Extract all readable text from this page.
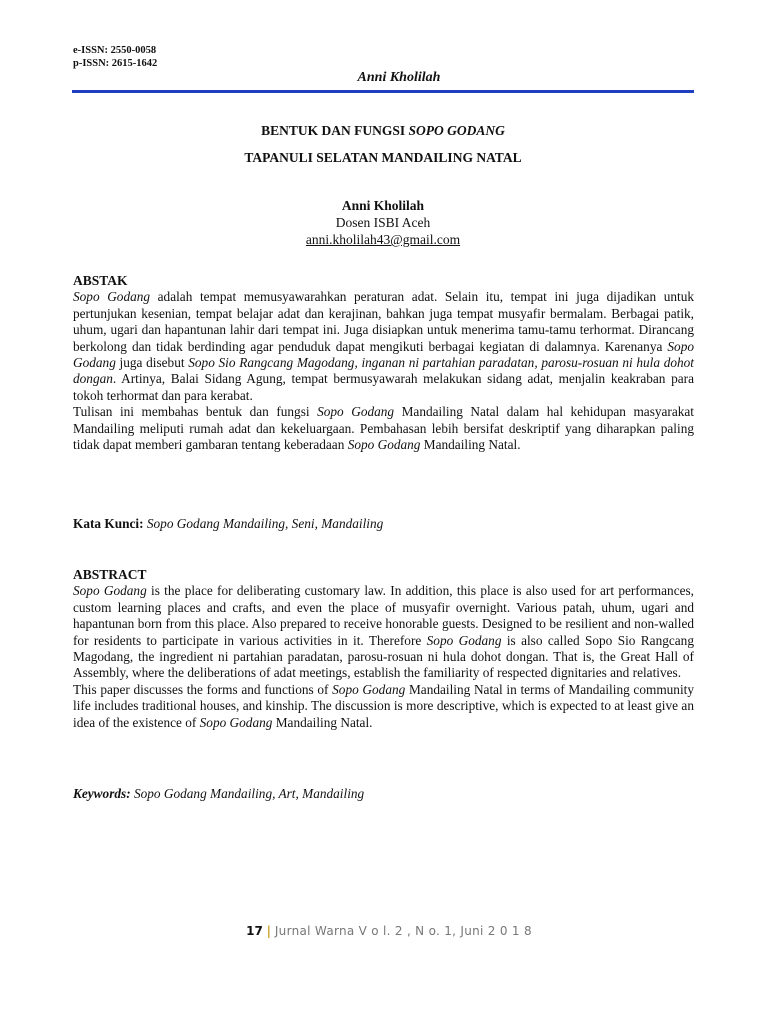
e-ISSN: 2550-0058
p-ISSN: 2615-1642
Anni Kholilah
BENTUK DAN FUNGSI SOPO GODANG
TAPANULI SELATAN MANDAILING NATAL
Anni Kholilah
Dosen ISBI Aceh
anni.kholilah43@gmail.com
ABSTAK

Sopo Godang adalah tempat memusyawarahkan peraturan adat. Selain itu, tempat ini juga dijadikan untuk pertunjukan kesenian, tempat belajar adat dan kerajinan, bahkan juga tempat musyafir bermalam. Berbagai patik, uhum, ugari dan hapantunan lahir dari tempat ini. Juga disiapkan untuk menerima tamu-tamu terhormat. Dirancang berkolong dan tidak berdinding agar penduduk dapat mengikuti berbagai kegiatan di dalamnya. Karenanya Sopo Godang juga disebut Sopo Sio Rangcang Magodang, inganan ni partahian paradatan, parosu-rosuan ni hula dohot dongan. Artinya, Balai Sidang Agung, tempat bermusyawarah melakukan sidang adat, menjalin keakraban para tokoh terhormat dan para kerabat.

Tulisan ini membahas bentuk dan fungsi Sopo Godang Mandailing Natal dalam hal kehidupan masyarakat Mandailing meliputi rumah adat dan kekeluargaan. Pembahasan lebih bersifat deskriptif yang diharapkan paling tidak dapat memberi gambaran tentang keberadaan Sopo Godang Mandailing Natal.

Kata Kunci: Sopo Godang Mandailing, Seni, Mandailing
ABSTRACT

Sopo Godang is the place for deliberating customary law. In addition, this place is also used for art performances, custom learning places and crafts, and even the place of musyafir overnight. Various patah, uhum, ugari and hapantunan born from this place. Also prepared to receive honorable guests. Designed to be resilient and non-walled for residents to participate in various activities in it. Therefore Sopo Godang is also called Sopo Sio Rangcang Magodang, the ingredient ni partahian paradatan, parosu-rosuan ni hula dohot dongan. That is, the Great Hall of Assembly, where the deliberations of adat meetings, establish the familiarity of respected dignitaries and relatives.

This paper discusses the forms and functions of Sopo Godang Mandailing Natal in terms of Mandailing community life includes traditional houses, and kinship. The discussion is more descriptive, which is expected to at least give an idea of the existence of Sopo Godang Mandailing Natal.

Keywords: Sopo Godang Mandailing, Art, Mandailing
17 | Jurnal Warna V o l. 2 , N o. 1, Juni 2 0 1 8
